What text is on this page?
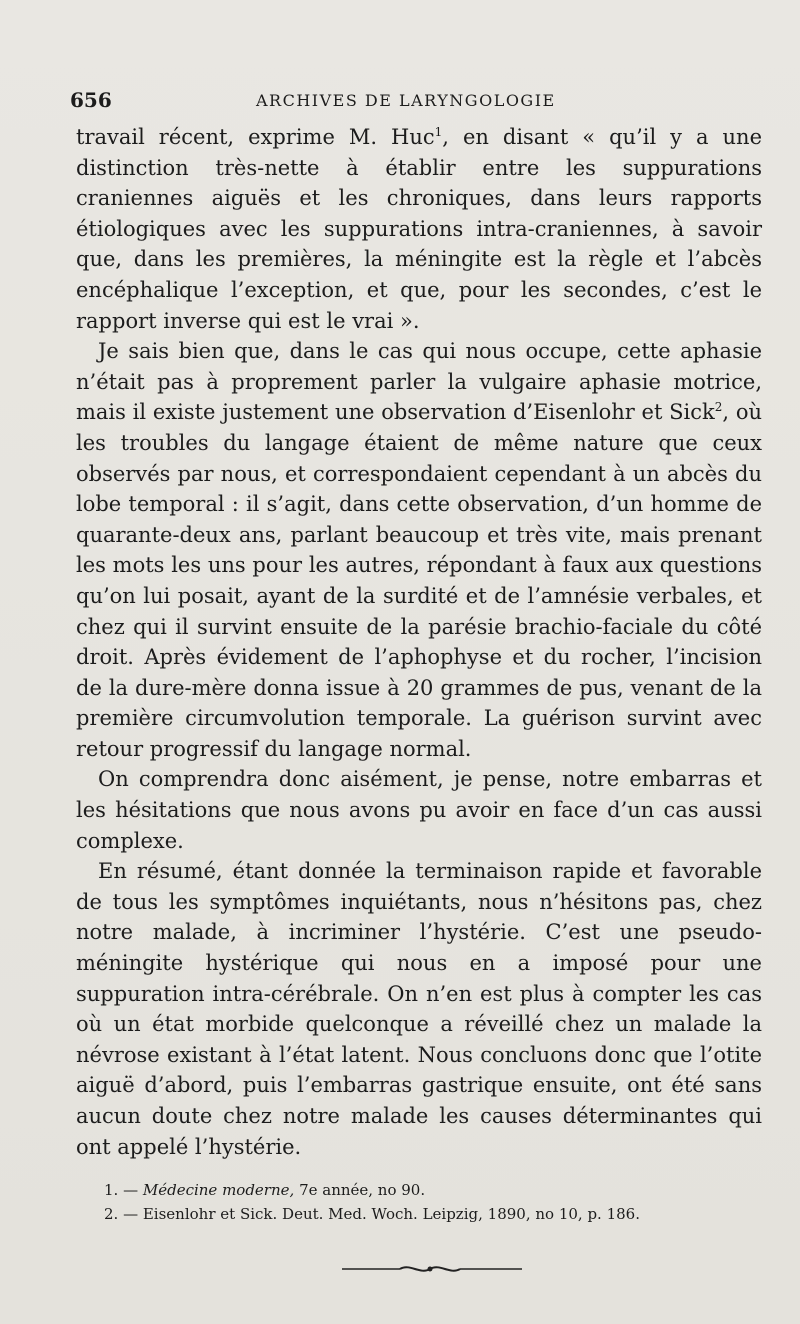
656	ARCHIVES DE LARYNGOLOGIE

travail récent, exprime M. Huc$^1$, en disant « qu’il y a une distinction très-nette à établir entre les suppurations craniennes aiguës et les chroniques, dans leurs rapports étiologiques avec les suppurations intra-craniennes, à savoir que, dans les premières, la méningite est la règle et l’abcès encéphalique l’exception, et que, pour les secondes, c’est le rapport inverse qui est le vrai ».

Je sais bien que, dans le cas qui nous occupe, cette aphasie n’était pas à proprement parler la vulgaire aphasie motrice, mais il existe justement une observation d’Eisenlohr et Sick$^2$, où les troubles du langage étaient de même nature que ceux observés par nous, et correspondaient cependant à un abcès du lobe temporal : il s’agit, dans cette observation, d’un homme de quarante-deux ans, parlant beaucoup et très vite, mais prenant les mots les uns pour les autres, répondant à faux aux questions qu’on lui posait, ayant de la surdité et de l’amnésie verbales, et chez qui il survint ensuite de la parésie brachio-faciale du côté droit. Après évidement de l’aphophyse et du rocher, l’incision de la dure-mère donna issue à 20 grammes de pus, venant de la première circumvolution temporale. La guérison survint avec retour progressif du langage normal.

On comprendra donc aisément, je pense, notre embarras et les hésitations que nous avons pu avoir en face d’un cas aussi complexe.

En résumé, étant donnée la terminaison rapide et favorable de tous les symptômes inquiétants, nous n’hésitons pas, chez notre malade, à incriminer l’hystérie. C’est une pseudo-méningite hystérique qui nous en a imposé pour une suppuration intra-cérébrale. On n’en est plus à compter les cas où un état morbide quelconque a réveillé chez un malade la névrose existant à l’état latent. Nous concluons donc que l’otite aiguë d’abord, puis l’embarras gastrique ensuite, ont été sans aucun doute chez notre malade les causes déterminantes qui ont appelé l’hystérie.

1. — Médecine moderne, 7e année, no 90.

2. — Eisenlohr et Sick. Deut. Med. Woch. Leipzig, 1890, no 10, p. 186.
